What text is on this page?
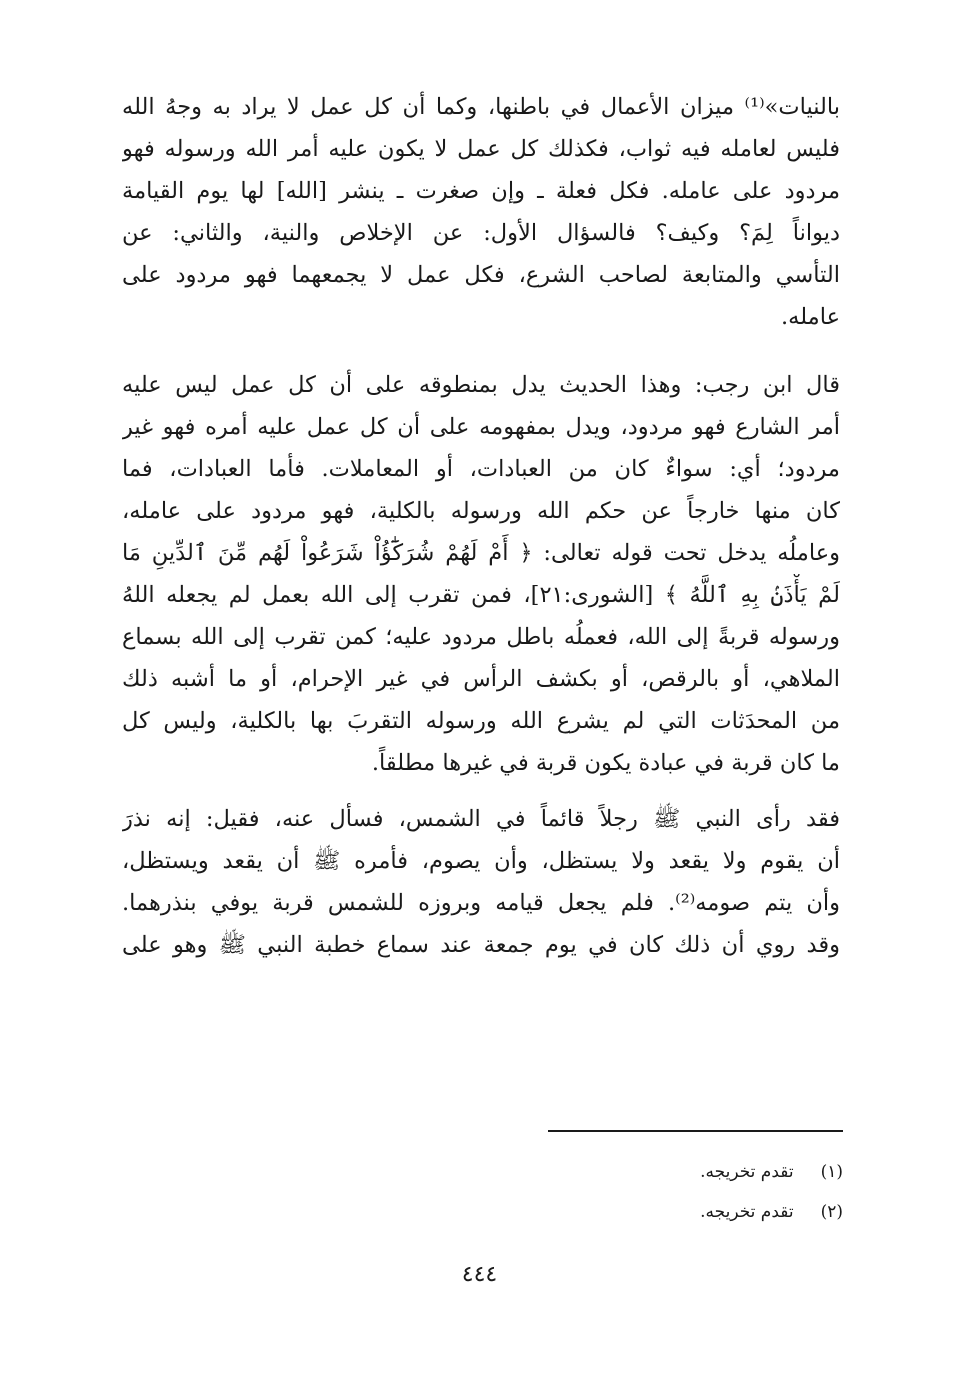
بالنيات»⁽¹⁾ ميزان الأعمال في باطنها، وكما أن كل عمل لا يراد به وجهُ الله
فليس لعامله فيه ثواب، فكذلك كل عمل لا يكون عليه أمر الله ورسوله فهو
مردود على عامله. فكل فعلة ـ وإن صغرت ـ ينشر [الله] لها يوم القيامة
ديواناً لِمَ؟ وكيف؟ فالسؤال الأول: عن الإخلاص والنية، والثاني: عن
التأسي والمتابعة لصاحب الشرع، فكل عمل لا يجمعهما فهو مردود على
عامله.
قال ابن رجب: وهذا الحديث يدل بمنطوقه على أن كل عمل ليس عليه
أمر الشارع فهو مردود، ويدل بمفهومه على أن كل عمل عليه أمره فهو غير
مردود؛ أي: سواءٌ كان من العبادات، أو المعاملات. فأما العبادات، فما
كان منها خارجاً عن حكم الله ورسوله بالكلية، فهو مردود على عامله،
وعاملُه يدخل تحت قوله تعالى: ﴿ أَمْ لَهُمْ شُرَكَٰٓؤُاْ شَرَعُواْ لَهُم مِّنَ ٱلدِّينِ مَا
لَمْ يَأْذَنۢ بِهِ ٱللَّهُ ﴾ [الشورى:٢١]، فمن تقرب إلى الله بعمل لم يجعله اللهُ
ورسوله قربةً إلى الله، فعملُه باطل مردود عليه؛ كمن تقرب إلى الله بسماع
الملاهي، أو بالرقص، أو بكشف الرأس في غير الإحرام، أو ما أشبه ذلك
من المحدَثات التي لم يشرع الله ورسوله التقربَ بها بالكلية، وليس كل
ما كان قربة في عبادة يكون قربة في غيرها مطلقاً.
فقد رأى النبي ﷺ رجلاً قائماً في الشمس، فسأل عنه، فقيل: إنه نذرَ
أن يقوم ولا يقعد ولا يستظل، وأن يصوم، فأمره ﷺ أن يقعد ويستظل،
وأن يتم صومه⁽²⁾. فلم يجعل قيامه وبروزه للشمس قربة يوفي بنذرهما.
وقد روي أن ذلك كان في يوم جمعة عند سماع خطبة النبي ﷺ وهو على
(١) تقدم تخريجه.
(٢) تقدم تخريجه.
٤٤٤
